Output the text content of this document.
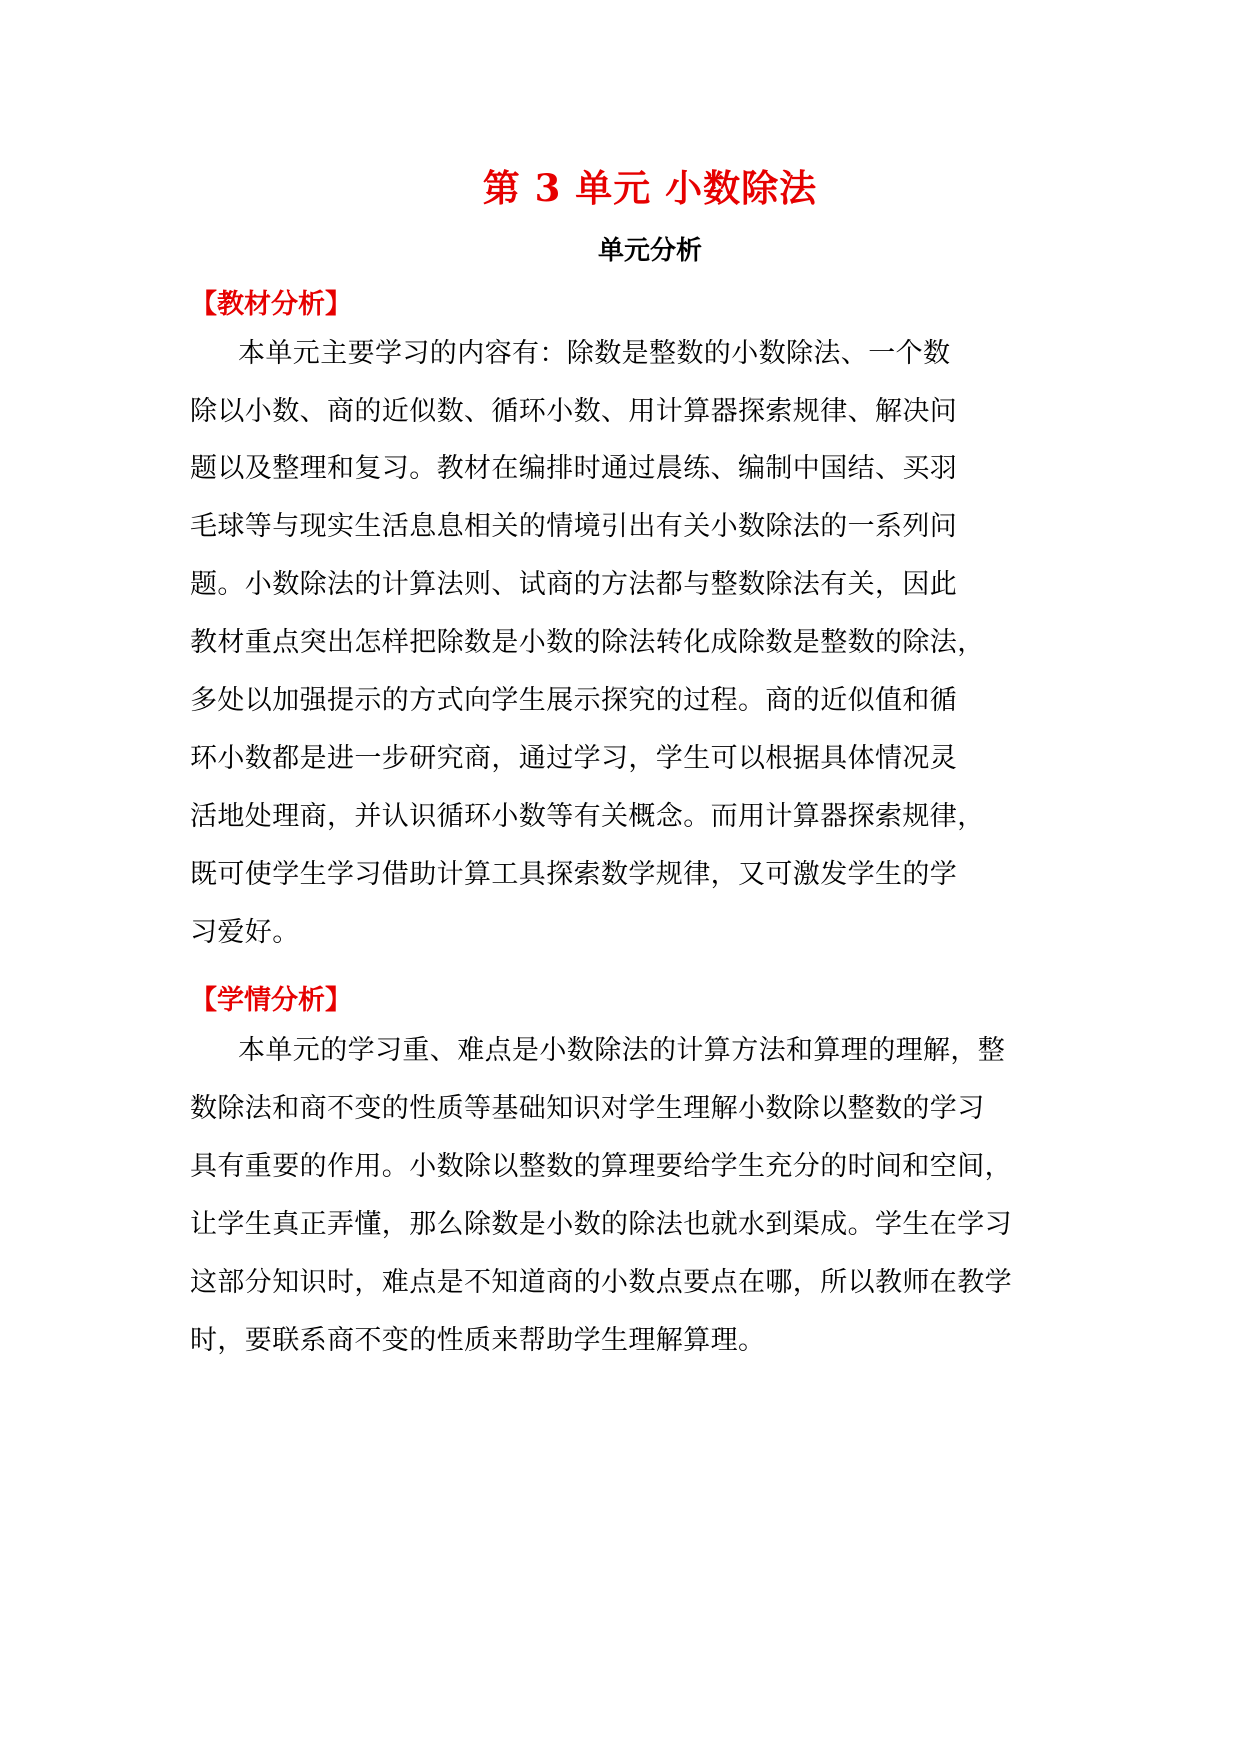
第 3 单元 小数除法
单元分析
【教材分析】

本单元主要学习的内容有：除数是整数的小数除法、一个数

除以小数、商的近似数、循环小数、用计算器探索规律、解决问

题以及整理和复习。教材在编排时通过晨练、编制中国结、买羽

毛球等与现实生活息息相关的情境引出有关小数除法的一系列问

题。小数除法的计算法则、试商的方法都与整数除法有关，因此

教材重点突出怎样把除数是小数的除法转化成除数是整数的除法，

多处以加强提示的方式向学生展示探究的过程。商的近似值和循

环小数都是进一步研究商，通过学习，学生可以根据具体情况灵

活地处理商，并认识循环小数等有关概念。而用计算器探索规律，

既可使学生学习借助计算工具探索数学规律，又可激发学生的学

习爱好。

【学情分析】

本单元的学习重、难点是小数除法的计算方法和算理的理解，整

数除法和商不变的性质等基础知识对学生理解小数除以整数的学习

具有重要的作用。小数除以整数的算理要给学生充分的时间和空间，

让学生真正弄懂，那么除数是小数的除法也就水到渠成。学生在学习

这部分知识时，难点是不知道商的小数点要点在哪，所以教师在教学

时，要联系商不变的性质来帮助学生理解算理。
